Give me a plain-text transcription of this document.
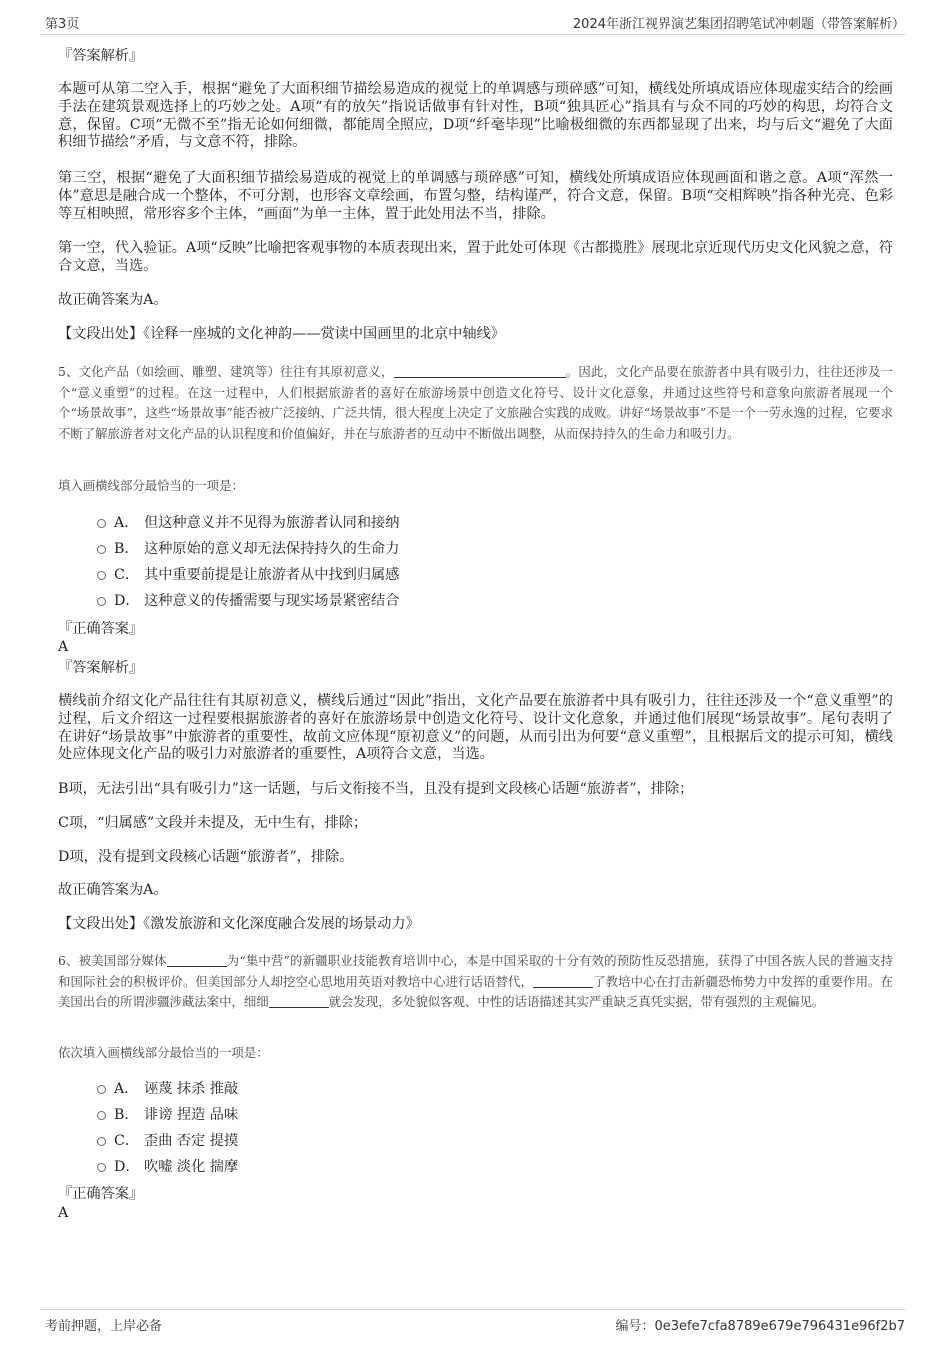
第3页	2024年浙江视界演艺集团招聘笔试冲刺题（带答案解析）

『答案解析』

本题可从第二空入手，根据“避免了大面积细节描绘易造成的视觉上的单调感与琐碎感”可知，横线处所填成语应体现虚实结合的绘画手法在建筑景观选择上的巧妙之处。A项“有的放矢”指说话做事有针对性，B项“独具匠心”指具有与众不同的巧妙的构思，均符合文意，保留。C项“无微不至”指无论如何细微，都能周全照应，D项“纤毫毕现”比喻极细微的东西都显现了出来，均与后文“避免了大面积细节描绘”矛盾，与文意不符，排除。

第三空，根据“避免了大面积细节描绘易造成的视觉上的单调感与琐碎感”可知，横线处所填成语应体现画面和谐之意。A项“浑然一体”意思是融合成一个整体，不可分割，也形容文章绘画，布置匀整，结构谨严，符合文意，保留。B项“交相辉映”指各种光亮、色彩等互相映照，常形容多个主体，“画面”为单一主体，置于此处用法不当，排除。

第一空，代入验证。A项“反映”比喻把客观事物的本质表现出来，置于此处可体现《古都揽胜》展现北京近现代历史文化风貌之意，符合文意，当选。

故正确答案为A。

【文段出处】《诠释一座城的文化神韵——赏读中国画里的北京中轴线》

5、文化产品（如绘画、雕塑、建筑等）往往有其原初意义，	。因此，文化产品要在旅游者中具有吸引力，往往还涉及一个“意义重塑”的过程。在这一过程中，人们根据旅游者的喜好在旅游场景中创造文化符号、设计文化意象，并通过这些符号和意象向旅游者展现一个个“场景故事”，这些“场景故事”能否被广泛接纳、广泛共情，很大程度上决定了文旅融合实践的成败。讲好“场景故事”不是一个一劳永逸的过程，它要求不断了解旅游者对文化产品的认识程度和价值偏好，并在与旅游者的互动中不断做出调整，从而保持持久的生命力和吸引力。

填入画横线部分最恰当的一项是：

A． 但这种意义并不见得为旅游者认同和接纳
B． 这种原始的意义却无法保持持久的生命力
C． 其中重要前提是让旅游者从中找到归属感
D． 这种意义的传播需要与现实场景紧密结合

『正确答案』

A

『答案解析』

横线前介绍文化产品往往有其原初意义，横线后通过“因此”指出，文化产品要在旅游者中具有吸引力，往往还涉及一个“意义重塑”的过程，后文介绍这一过程要根据旅游者的喜好在旅游场景中创造文化符号、设计文化意象，并通过他们展现“场景故事”。尾句表明了在讲好“场景故事”中旅游者的重要性，故前文应体现“原初意义”的问题，从而引出为何要“意义重塑”，且根据后文的提示可知，横线处应体现文化产品的吸引力对旅游者的重要性，A项符合文意，当选。

B项，无法引出“具有吸引力”这一话题，与后文衔接不当，且没有提到文段核心话题“旅游者”，排除；

C项，“归属感”文段并未提及，无中生有，排除；

D项，没有提到文段核心话题“旅游者”，排除。

故正确答案为A。

【文段出处】《激发旅游和文化深度融合发展的场景动力》

6、被美国部分媒体	为“集中营”的新疆职业技能教育培训中心，本是中国采取的十分有效的预防性反恐措施，获得了中国各族人民的普遍支持和国际社会的积极评价。但美国部分人却挖空心思地用英语对教培中心进行话语替代，	了教培中心在打击新疆恐怖势力中发挥的重要作用。在美国出台的所谓涉疆涉藏法案中，细细	就会发现，多处貌似客观、中性的话语描述其实严重缺乏真凭实据，带有强烈的主观偏见。

依次填入画横线部分最恰当的一项是：

A． 诬蔑 抹杀 推敲
B． 诽谤 捏造 品味
C． 歪曲 否定 提摸
D． 吹嘘 淡化 揣摩

『正确答案』

A

考前押题，上岸必备	编号：0e3efe7cfa8789e679e796431e96f2b7
